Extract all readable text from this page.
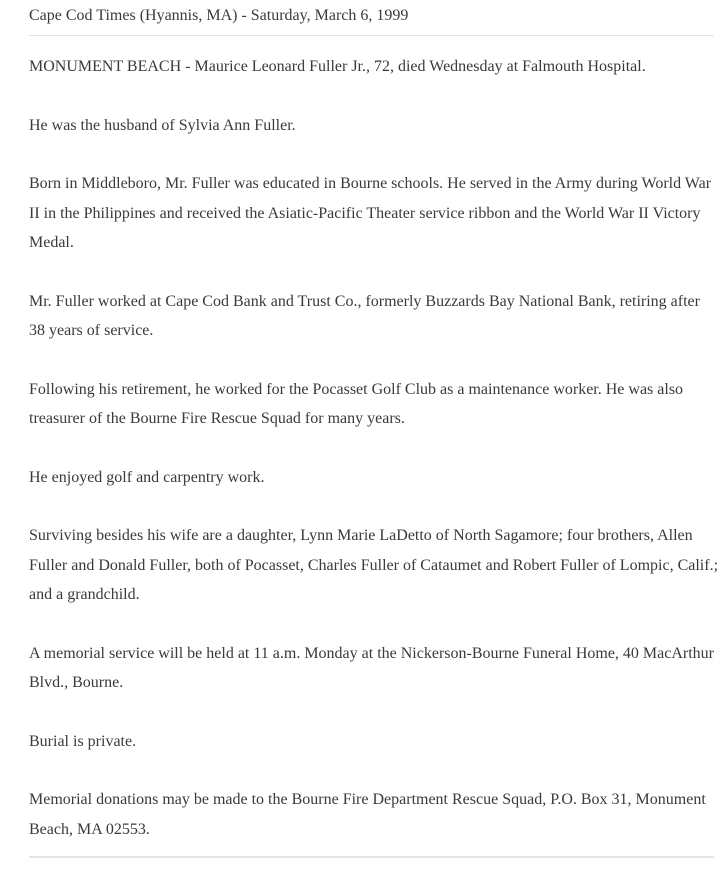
Cape Cod Times (Hyannis, MA) - Saturday, March 6, 1999

MONUMENT BEACH - Maurice Leonard Fuller Jr., 72, died Wednesday at Falmouth Hospital.

He was the husband of Sylvia Ann Fuller.

Born in Middleboro, Mr. Fuller was educated in Bourne schools. He served in the Army during World War II in the Philippines and received the Asiatic-Pacific Theater service ribbon and the World War II Victory Medal.

Mr. Fuller worked at Cape Cod Bank and Trust Co., formerly Buzzards Bay National Bank, retiring after 38 years of service.

Following his retirement, he worked for the Pocasset Golf Club as a maintenance worker. He was also treasurer of the Bourne Fire Rescue Squad for many years.

He enjoyed golf and carpentry work.

Surviving besides his wife are a daughter, Lynn Marie LaDetto of North Sagamore; four brothers, Allen Fuller and Donald Fuller, both of Pocasset, Charles Fuller of Cataumet and Robert Fuller of Lompic, Calif.; and a grandchild.

A memorial service will be held at 11 a.m. Monday at the Nickerson-Bourne Funeral Home, 40 MacArthur Blvd., Bourne.

Burial is private.

Memorial donations may be made to the Bourne Fire Department Rescue Squad, P.O. Box 31, Monument Beach, MA 02553.
